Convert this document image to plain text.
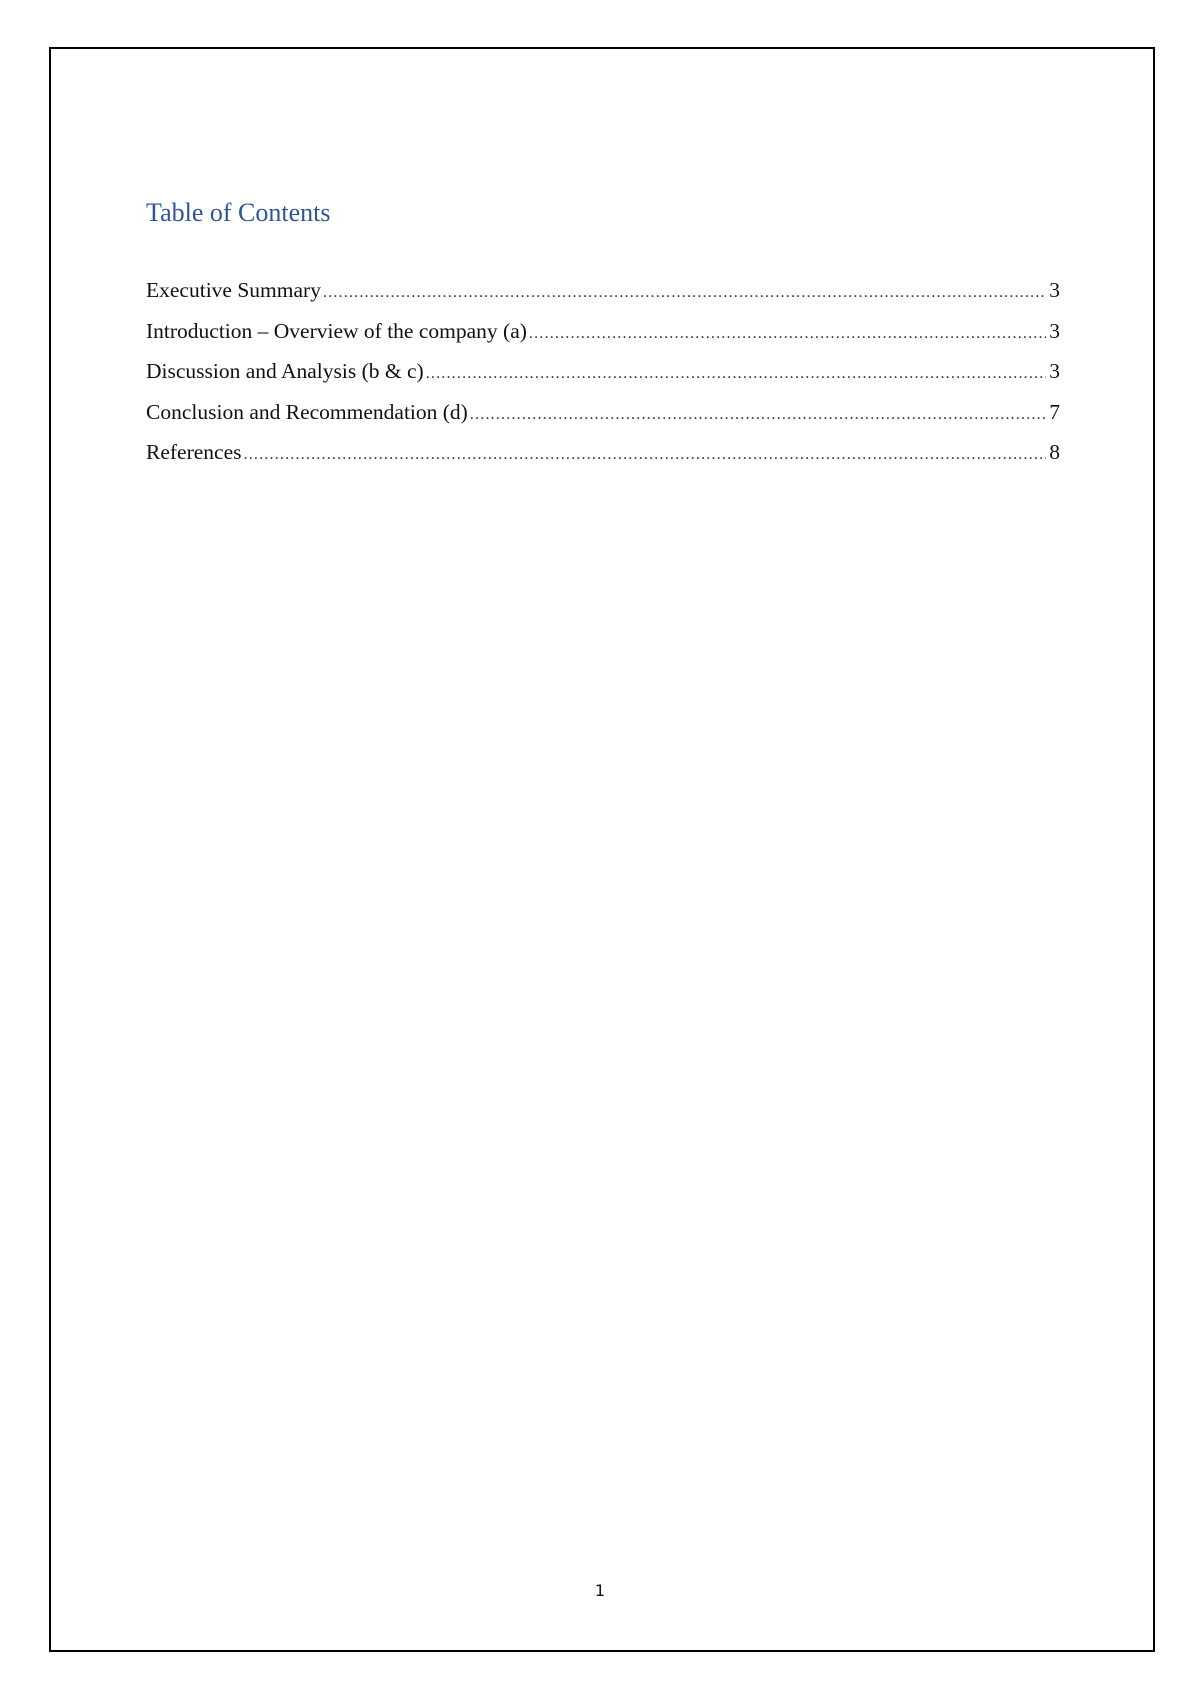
Table of Contents
Executive Summary .....	3
Introduction – Overview of the company (a) .....	3
Discussion and Analysis (b & c) .....	3
Conclusion and Recommendation (d) .....	7
References .....	8
1
